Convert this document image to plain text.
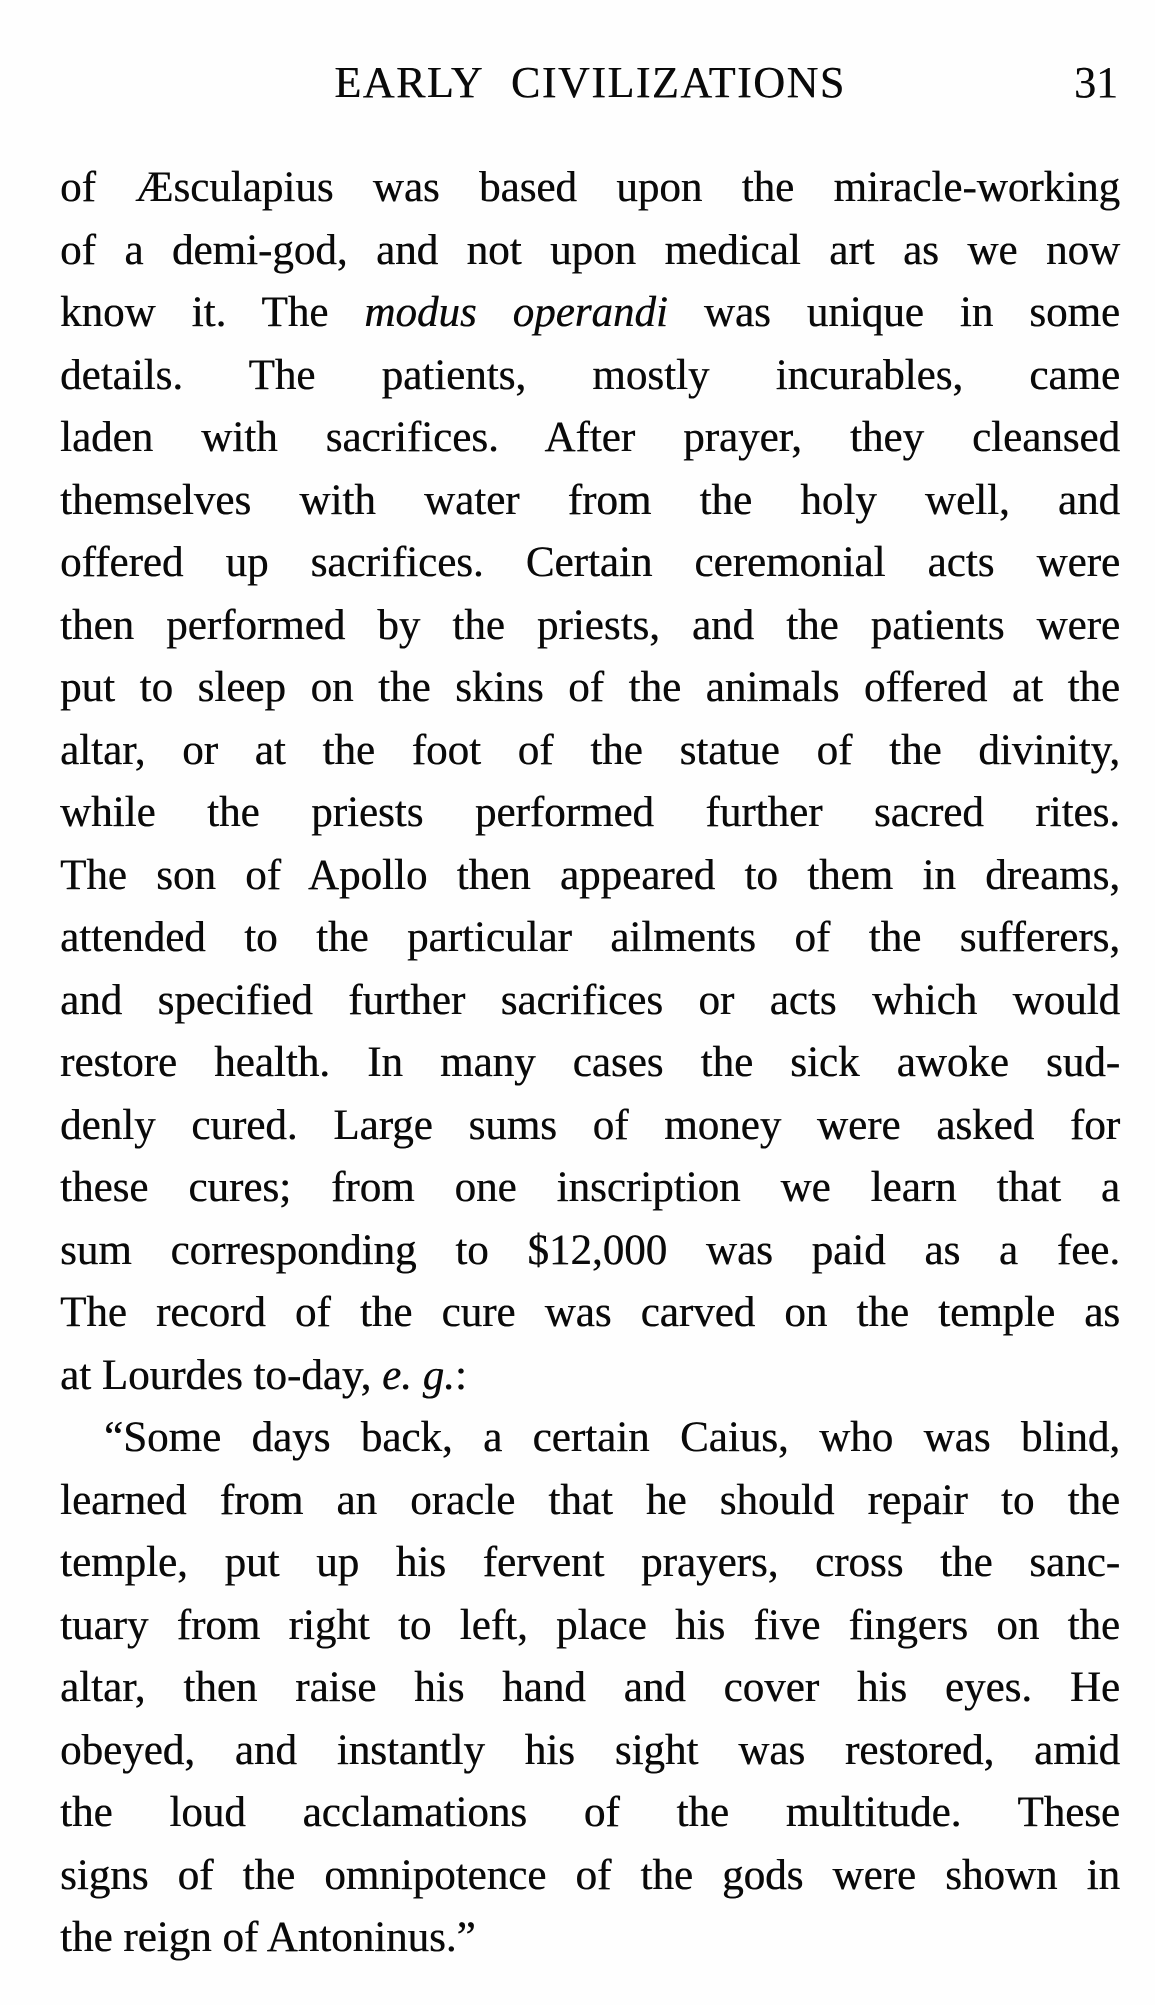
EARLY CIVILIZATIONS	31
of Æsculapius was based upon the miracle-working
of a demi-god, and not upon medical art as we now
know it. The modus operandi was unique in some
details. The patients, mostly incurables, came
laden with sacrifices. After prayer, they cleansed
themselves with water from the holy well, and
offered up sacrifices. Certain ceremonial acts were
then performed by the priests, and the patients were
put to sleep on the skins of the animals offered at the
altar, or at the foot of the statue of the divinity,
while the priests performed further sacred rites.
The son of Apollo then appeared to them in dreams,
attended to the particular ailments of the sufferers,
and specified further sacrifices or acts which would
restore health. In many cases the sick awoke sud-
denly cured. Large sums of money were asked for
these cures; from one inscription we learn that a
sum corresponding to $12,000 was paid as a fee.
The record of the cure was carved on the temple as
at Lourdes to-day, e. g.:
“Some days back, a certain Caius, who was blind,
learned from an oracle that he should repair to the
temple, put up his fervent prayers, cross the sanc-
tuary from right to left, place his five fingers on the
altar, then raise his hand and cover his eyes. He
obeyed, and instantly his sight was restored, amid
the loud acclamations of the multitude. These
signs of the omnipotence of the gods were shown in
the reign of Antoninus.”
